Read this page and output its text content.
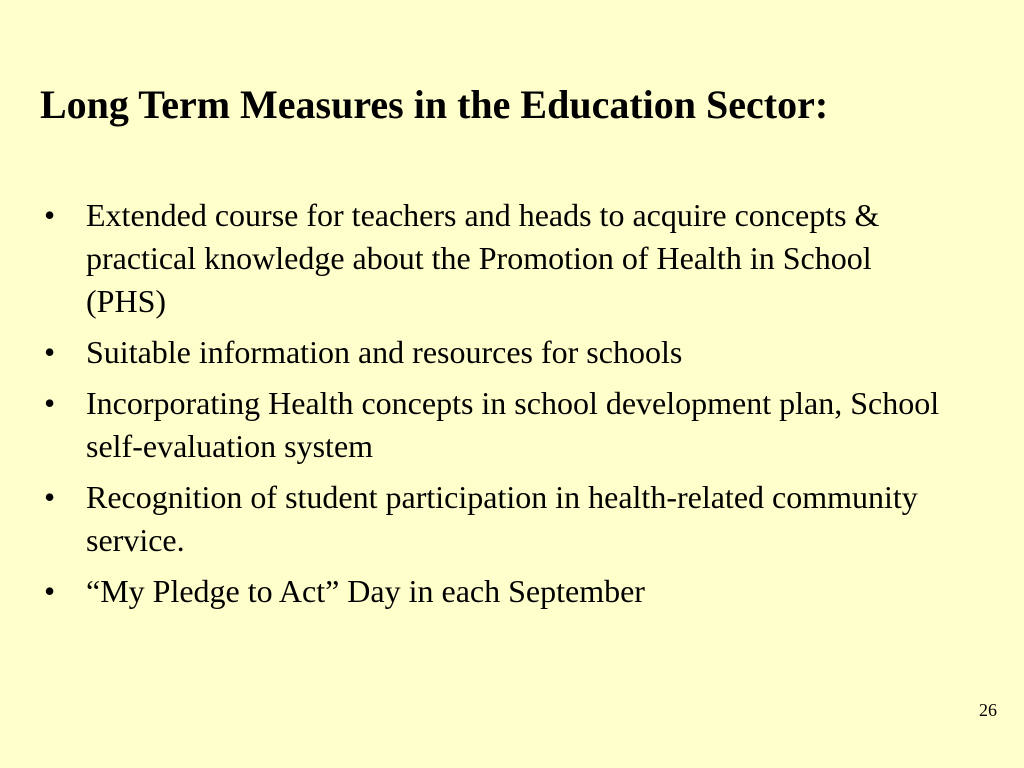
Long Term Measures in the Education Sector:
• Extended course for teachers and heads to acquire concepts & practical knowledge about the Promotion of Health in School (PHS)
• Suitable information and resources for schools
• Incorporating Health concepts in school development plan, School self-evaluation system
• Recognition of student participation in health-related community service.
• “My Pledge to Act” Day in each September
26
